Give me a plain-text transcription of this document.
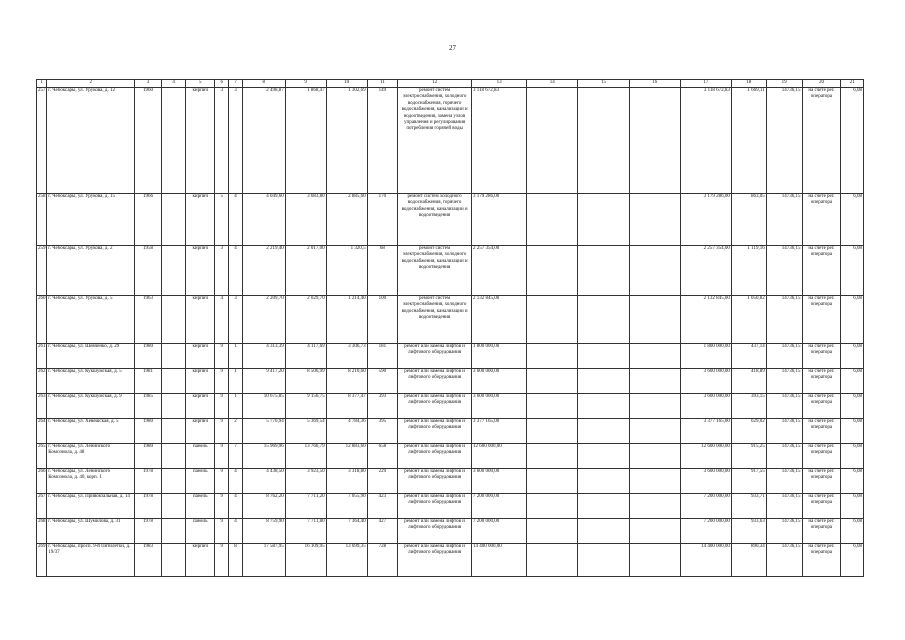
27
1	2	3	4	5	6	7	8	9	10	11	12	13	14	15	16	17	18	19	20	21
257	г. Чебоксары, ул. Урукова, д. 12	1960		кирпич	3	3	2 498,87	1 868,47	1 302,69	149	ремонт систем электроснабжения, холодного водоснабжения, горячего водоснабжения, канализации и водоотведения, замена узлов управления и регулирования потребления горячей воды	3 118 672,83				3 118 672,83	1 669,11	14736,15	на счете рег. оператора	6,08
258	г. Чебоксары, ул. Урукова, д. 15	1966		кирпич	5	4	4 049,60	3 683,80	2 885,60	170	ремонт систем холодного водоснабжения, горячего водоснабжения, канализации и водоотведения	3 179 286,00				3 179 286,00	863,05	14736,15	на счете рег. оператора	6,08
259	г. Чебоксары, ул. Урукова, д. 2	1958		кирпич	3	4	2 219,40	2 017,00	1 320,5	68	ремонт систем электроснабжения, холодного водоснабжения, канализации и водоотведения	2 257 354,00				2 257 354,00	1 119,16	14736,15	на счете рег. оператора	6,08
260	г. Чебоксары, ул. Урукова, д. 5	1963		кирпич	4	3	2 209,70	2 029,70	1 214,40	100	ремонт систем электроснабжения, холодного водоснабжения, канализации и водоотведения	2 132 845,00				2 132 845,00	1 050,82	14736,15	на счете рег. оператора	6,08
261	г. Чебоксары, ул. Шевченко, д. 29	1980		кирпич	9	1	4 313,39	4 117,69	3 306,73	181	ремонт или замена лифтов и лифтового оборудования	1 800 000,00				1 800 000,00	437,14	14736,15	на счете рег. оператора	6,08
262	г. Чебоксары, ул. Кукшумская, д. 5	1981		кирпич	9	1	9 417,20	8 506,99	8 210,60	590	ремонт или замена лифтов и лифтового оборудования	3 600 000,00				3 600 000,00	418,89	14736,15	на счете рег. оператора	6,08
263	г. Чебоксары, ул. Кукшумская, д. 9	1985		кирпич	9	1	10 675,85	9 156,75	8 377,47	393	ремонт или замена лифтов и лифтового оборудования	3 600 000,00				3 600 000,00	393,15	14736,15	на счете рег. оператора	6,08
264	г. Чебоксары, ул. Хевешская, д. 5	1980		кирпич	9	2	5 770,94	5 369,54	4 784,36	395	ремонт или замена лифтов и лифтового оборудования	3 377 165,00				3 377 165,00	629,02	14736,15	на счете рег. оператора	6,08
265	г. Чебоксары, ул. Ленинского Комсомола, д. 48	1980		панель	9	7	15 969,96	13 766,79	12 883,60	658	ремонт или замена лифтов и лифтового оборудования	12 600 000,00				12 600 000,00	915,25	14736,15	на счете рег. оператора	6,08
266	г. Чебоксары, ул. Ленинского Комсомола, д. 40, корп. 1	1978		панель	9	4	4 438,50	3 923,50	3 318,80	229	ремонт или замена лифтов и лифтового оборудования	3 600 000,00				3 600 000,00	917,55	14736,15	на счете рег. оператора	6,08
267	г. Чебоксары, ул. Привокзальная, д. 14	1978		панель	9	4	8 762,20	7 711,20	7 055,90	423	ремонт или замена лифтов и лифтового оборудования	7 200 000,00				7 200 000,00	933,71	14736,15	на счете рег. оператора	6,08
268	г. Чебоксары, ул. Шумилова, д. 31	1978		панель	9	4	8 759,90	7 711,80	7 364,40	427	ремонт или замена лифтов и лифтового оборудования	7 200 000,00				7 200 000,00	933,63	14736,15	на счете рег. оператора	6,08
269	г. Чебоксары, просп. 9-й Пятилетки, д. 19/37	1983		кирпич	9	8	17 587,95	16 109,95	13 699,35	728	ремонт или замена лифтов и лифтового оборудования	14 400 000,00				14 400 000,00	890,34	14736,15	на счете рег. оператора	6,08
